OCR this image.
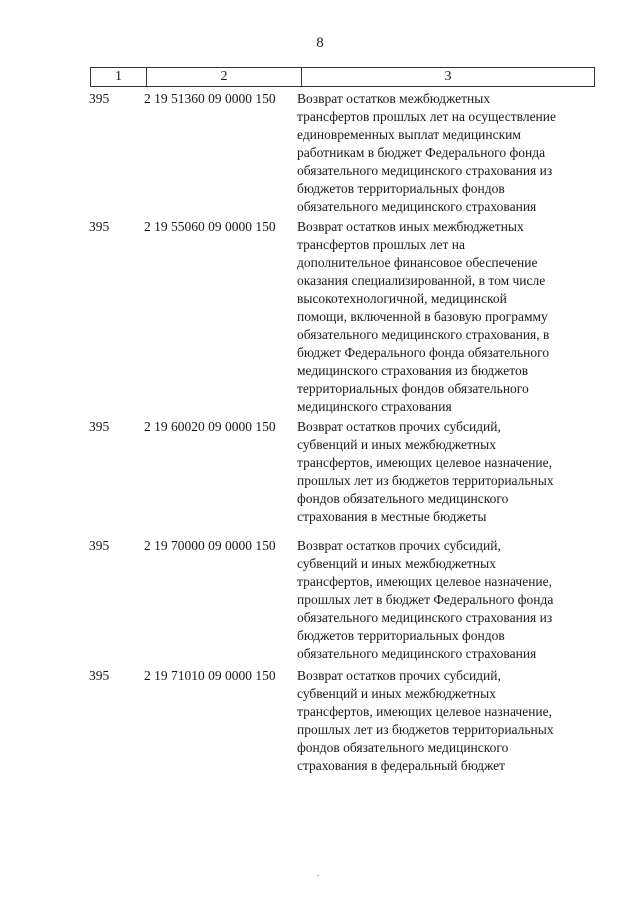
8
1	2	3
395	2 19 51360 09 0000 150 Возврат остатков межбюджетных
трансфертов прошлых лет на осуществление
единовременных выплат медицинским
работникам в бюджет Федерального фонда
обязательного медицинского страхования из
бюджетов территориальных фондов
обязательного медицинского страхования
395	2 19 55060 09 0000 150 Возврат остатков иных межбюджетных
трансфертов прошлых лет на
дополнительное финансовое обеспечение
оказания специализированной, в том числе
высокотехнологичной, медицинской
помощи, включенной в базовую программу
обязательного медицинского страхования, в
бюджет Федерального фонда обязательного
медицинского страхования из бюджетов
территориальных фондов обязательного
медицинского страхования
395	2 19 60020 09 0000 150 Возврат остатков прочих субсидий,
субвенций и иных межбюджетных
трансфертов, имеющих целевое назначение,
прошлых лет из бюджетов территориальных
фондов обязательного медицинского
страхования в местные бюджеты
395	2 19 70000 09 0000 150 Возврат остатков прочих субсидий,
субвенций и иных межбюджетных
трансфертов, имеющих целевое назначение,
прошлых лет в бюджет Федерального фонда
обязательного медицинского страхования из
бюджетов территориальных фондов
обязательного медицинского страхования
395	2 19 71010 09 0000 150 Возврат остатков прочих субсидий,
субвенций и иных межбюджетных
трансфертов, имеющих целевое назначение,
прошлых лет из бюджетов территориальных
фондов обязательного медицинского
страхования в федеральный бюджет
